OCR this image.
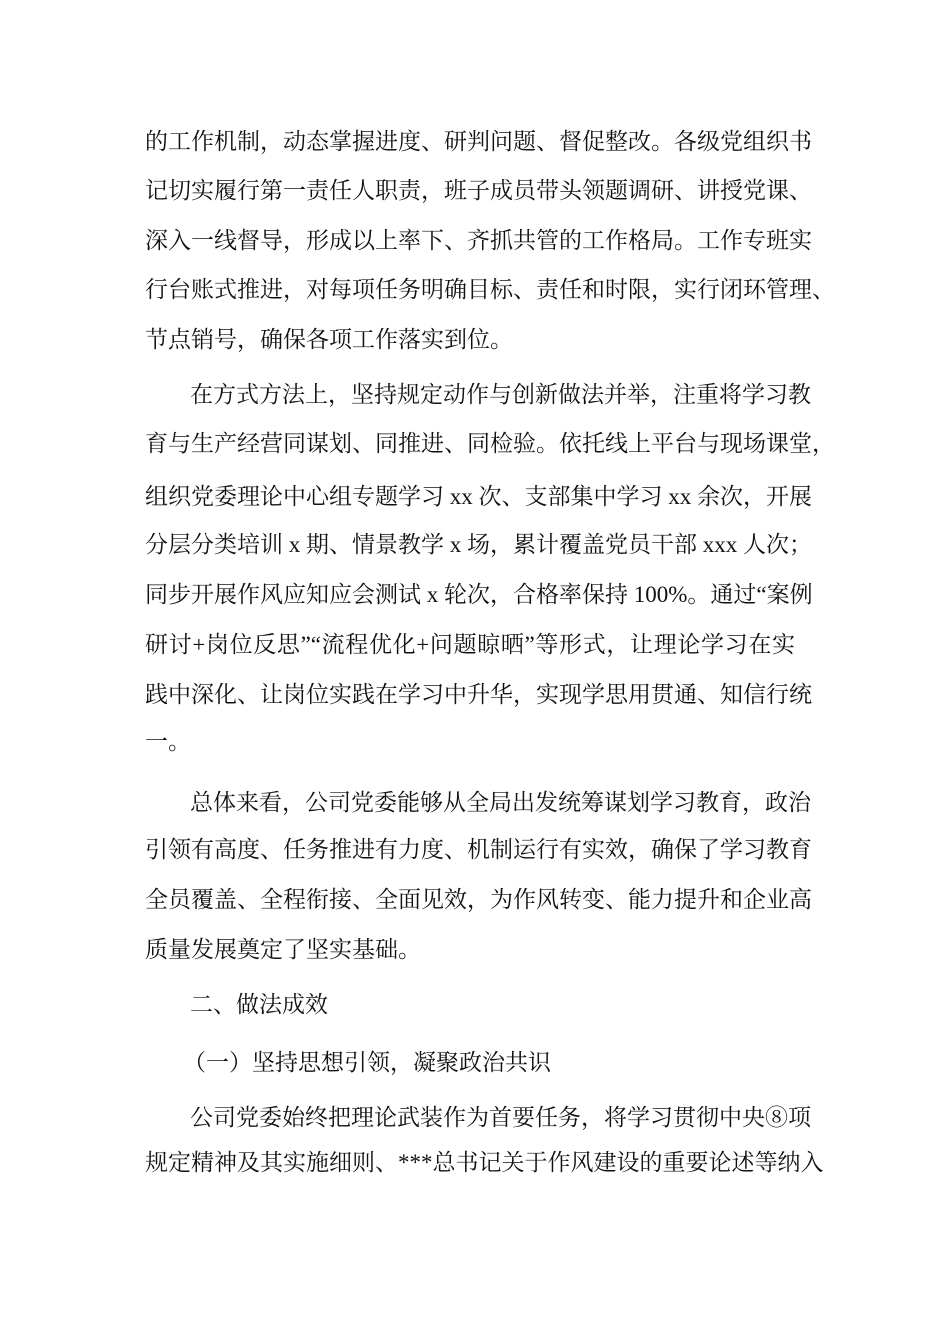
的工作机制，动态掌握进度、研判问题、督促整改。各级党组织书
记切实履行第一责任人职责，班子成员带头领题调研、讲授党课、
深入一线督导，形成以上率下、齐抓共管的工作格局。工作专班实
行台账式推进，对每项任务明确目标、责任和时限，实行闭环管理、
节点销号，确保各项工作落实到位。
在方式方法上，坚持规定动作与创新做法并举，注重将学习教
育与生产经营同谋划、同推进、同检验。依托线上平台与现场课堂，
组织党委理论中心组专题学习 xx 次、支部集中学习 xx 余次，开展
分层分类培训 x 期、情景教学 x 场，累计覆盖党员干部 xxx 人次；
同步开展作风应知应会测试 x 轮次，合格率保持 100%。通过“案例
研讨+岗位反思”“流程优化+问题晾晒”等形式，让理论学习在实
践中深化、让岗位实践在学习中升华，实现学思用贯通、知信行统
一。
总体来看，公司党委能够从全局出发统筹谋划学习教育，政治
引领有高度、任务推进有力度、机制运行有实效，确保了学习教育
全员覆盖、全程衔接、全面见效，为作风转变、能力提升和企业高
质量发展奠定了坚实基础。
二、做法成效
（一）坚持思想引领，凝聚政治共识
公司党委始终把理论武装作为首要任务，将学习贯彻中央⑧项
规定精神及其实施细则、***总书记关于作风建设的重要论述等纳入
